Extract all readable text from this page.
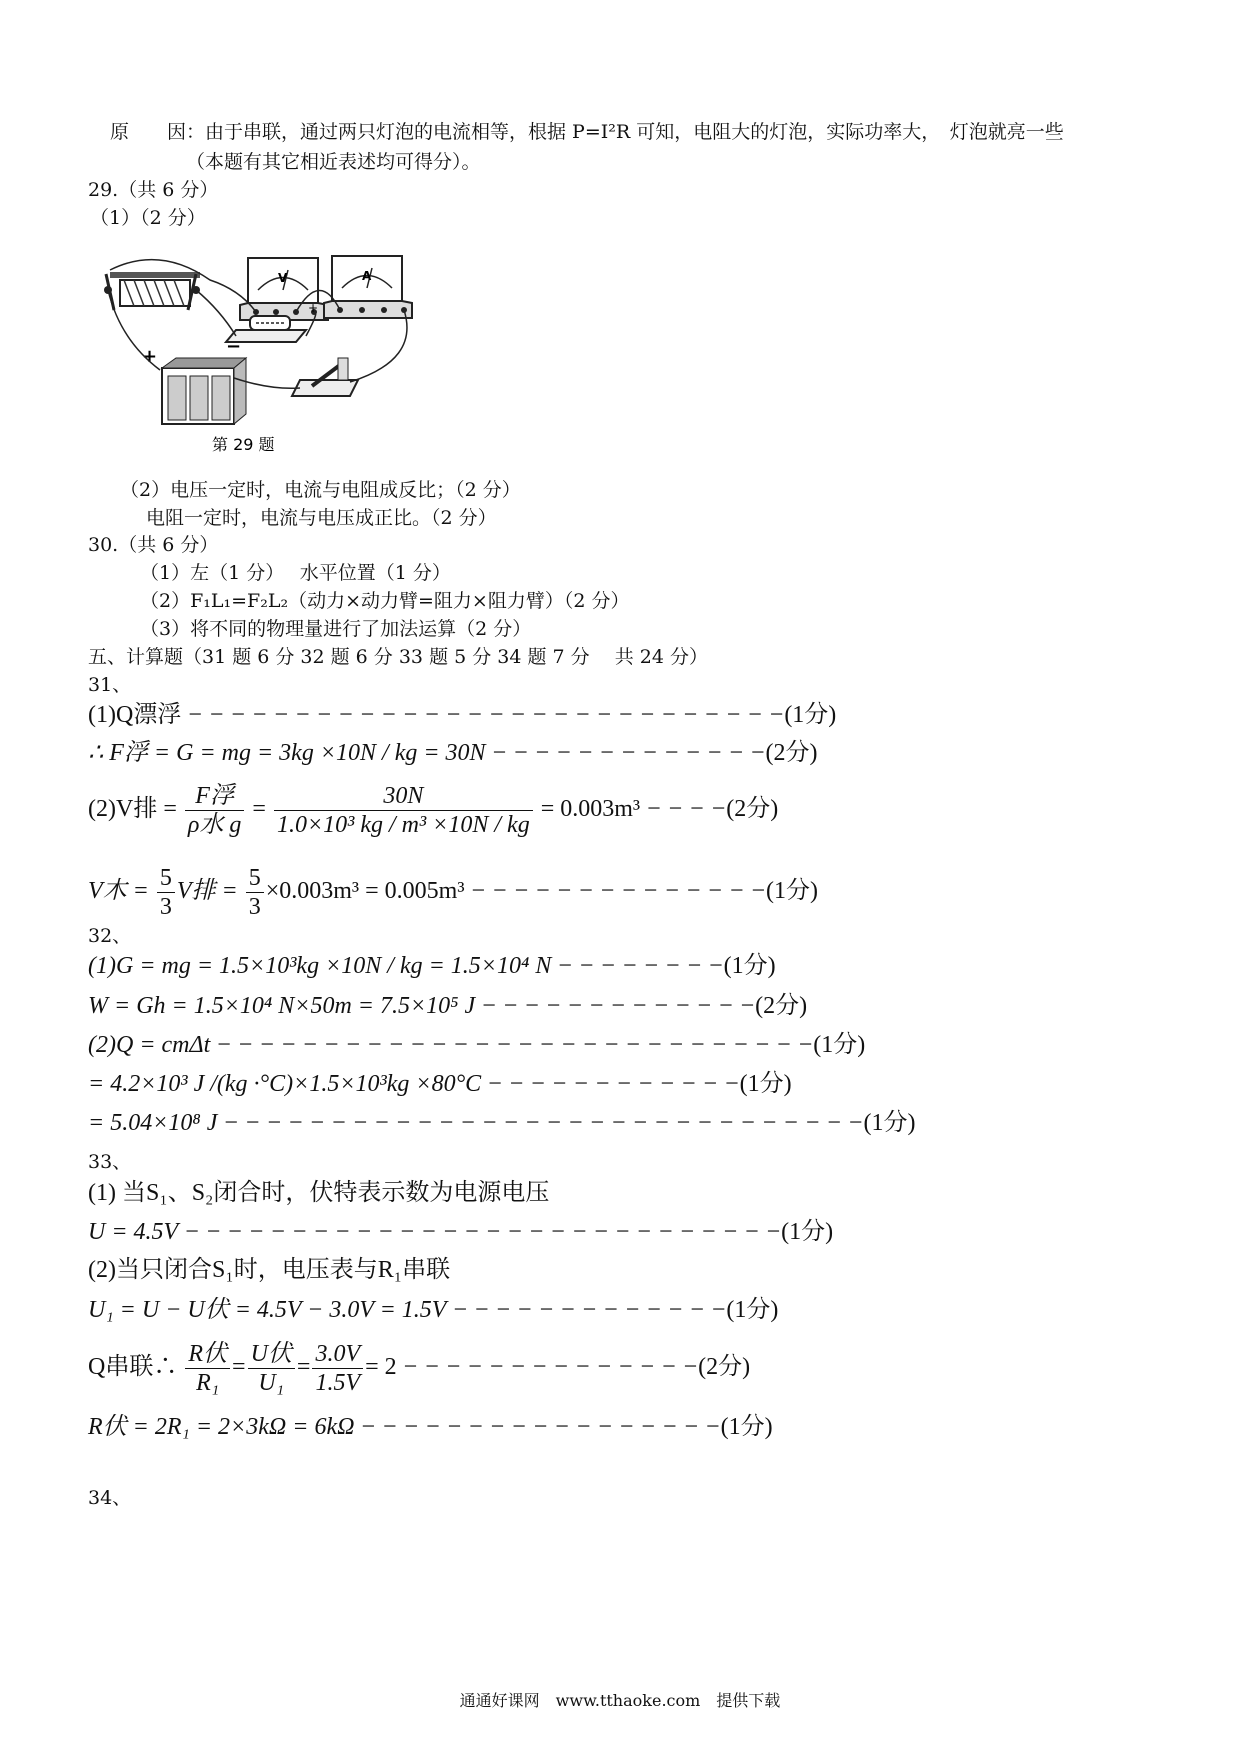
原　　因：由于串联，通过两只灯泡的电流相等，根据 P=I²R 可知，电阻大的灯泡，实际功率大，　灯泡就亮一些
（本题有其它相近表述均可得分）。
29.（共 6 分）
（1）（2 分）
V	A
+
+	−
第 29 题
（2）电压一定时，电流与电阻成反比；（2 分）
电阻一定时，电流与电压成正比。（2 分）
30.（共 6 分）
（1）左（1 分）　 水平位置（1 分）
（2）F₁L₁=F₂L₂（动力×动力臂=阻力×阻力臂）（2 分）
（3）将不同的物理量进行了加法运算（2 分）
五、计算题（31 题 6 分 32 题 6 分 33 题 5 分 34 题 7 分　 共 24 分）
31、
(1)Q漂浮 − − − − − − − − − − − − − − − − − − − − − − − − − − − −(1分)
∴ F浮 = G = mg = 3kg ×10N / kg = 30N − − − − − − − − − − − − −(2分)
(2)V排 = $\frac{\text{F浮}}{\text{ρ水 g}} = \frac{30N}{\text{1.0×10³ kg / m³ ×10N / kg}} = 0.003m^3$ − − − −(2分)
V木 = $\frac{5}{3}$ V排 = $\frac{5}{3} \times 0.003m^3 = 0.005m^3$ − − − − − − − − − − − − − −(1分)
32、
(1)G = mg = 1.5×10³kg ×10N / kg = 1.5×10⁴ N − − − − − − − −(1分)
W = Gh = 1.5×10⁴ N×50m = 7.5×10⁵ J − − − − − − − − − − − − −(2分)
(2)Q = cmΔt − − − − − − − − − − − − − − − − − − − − − − − − − − − −(1分)
= 4.2×10³ J /(kg ·°C)×1.5×10³kg ×80°C − − − − − − − − − − − −(1分)
= 5.04×10⁸ J − − − − − − − − − − − − − − − − − − − − − − − − − − − − − −(1分)
33、
(1) 当S₁、S₂闭合时，伏特表示数为电源电压
U = 4.5V − − − − − − − − − − − − − − − − − − − − − − − − − − − −(1分)
(2)当只闭合S₁时，电压表与R₁串联
U₁ = U − U伏 = 4.5V − 3.0V = 1.5V − − − − − − − − − − − − −(1分)
Q串联∴ $\frac{\text{R伏}}{\text{R₁}} = \frac{\text{U伏}}{\text{U₁}} = \frac{3.0V}{1.5V} = 2$ − − − − − − − − − − − − − −(2分)
R伏 = 2R₁ = 2×3kΩ = 6kΩ − − − − − − − − − − − − − − − − −(1分)
34、
通通好课网　www.tthaoke.com　提供下载
